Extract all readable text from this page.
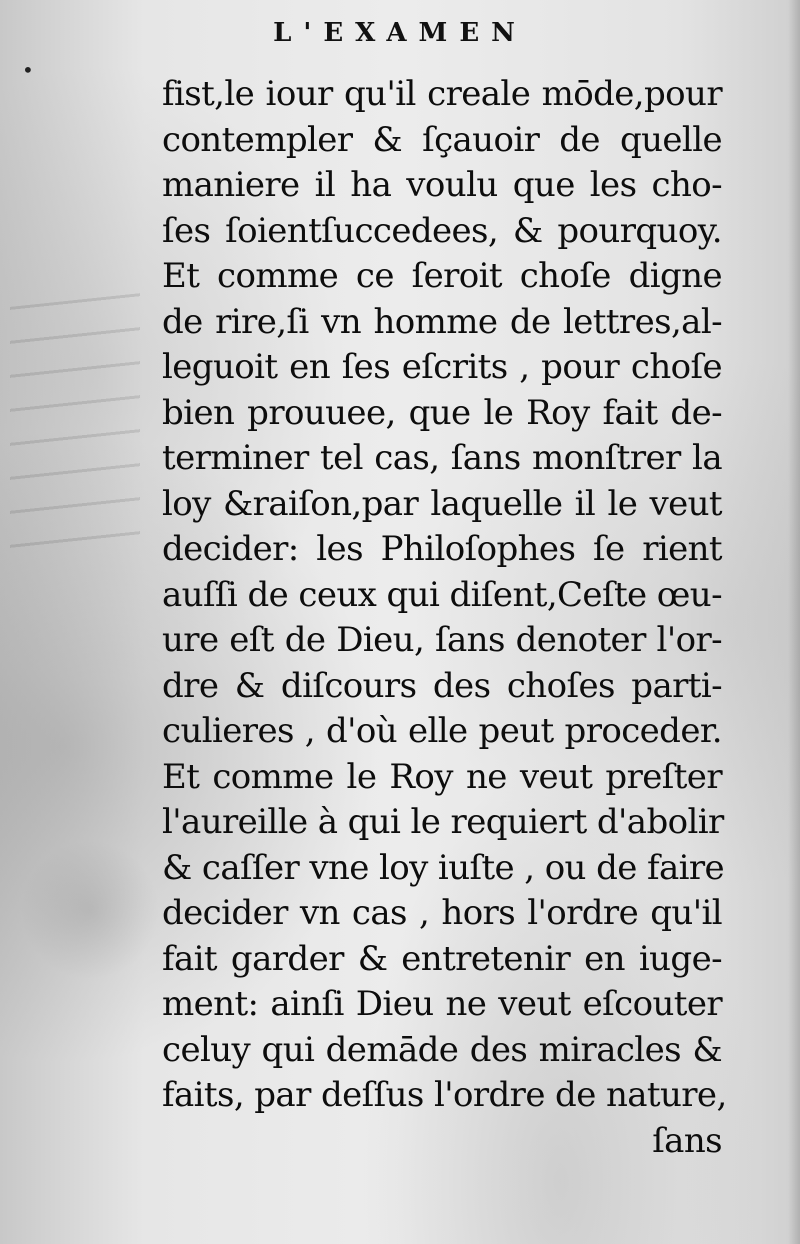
L'EXAMEN
•
fist,le iour qu'il creale mōde,pour
contempler & ſçauoir de quelle
maniere il ha voulu que les cho-
ſes ſoientſuccedees, & pourquoy.
Et comme ce ſeroit choſe digne
de rire,ſi vn homme de lettres,al-
leguoit en ſes eſcrits , pour choſe
bien prouuee, que le Roy fait de-
terminer tel cas, ſans monſtrer la
loy &raiſon,par laquelle il le veut
decider: les Philoſophes ſe rient
auſſi de ceux qui diſent,Ceſte œu-
ure eſt de Dieu, ſans denoter l'or-
dre & diſcours des choſes parti-
culieres , d'où elle peut proceder.
Et comme le Roy ne veut preſter
l'aureille à qui le requiert d'abolir
& caſſer vne loy iuſte , ou de faire
decider vn cas , hors l'ordre qu'il
fait garder & entretenir en iuge-
ment: ainſi Dieu ne veut eſcouter
celuy qui demāde des miracles &
faits, par deſſus l'ordre de nature,
ſans
